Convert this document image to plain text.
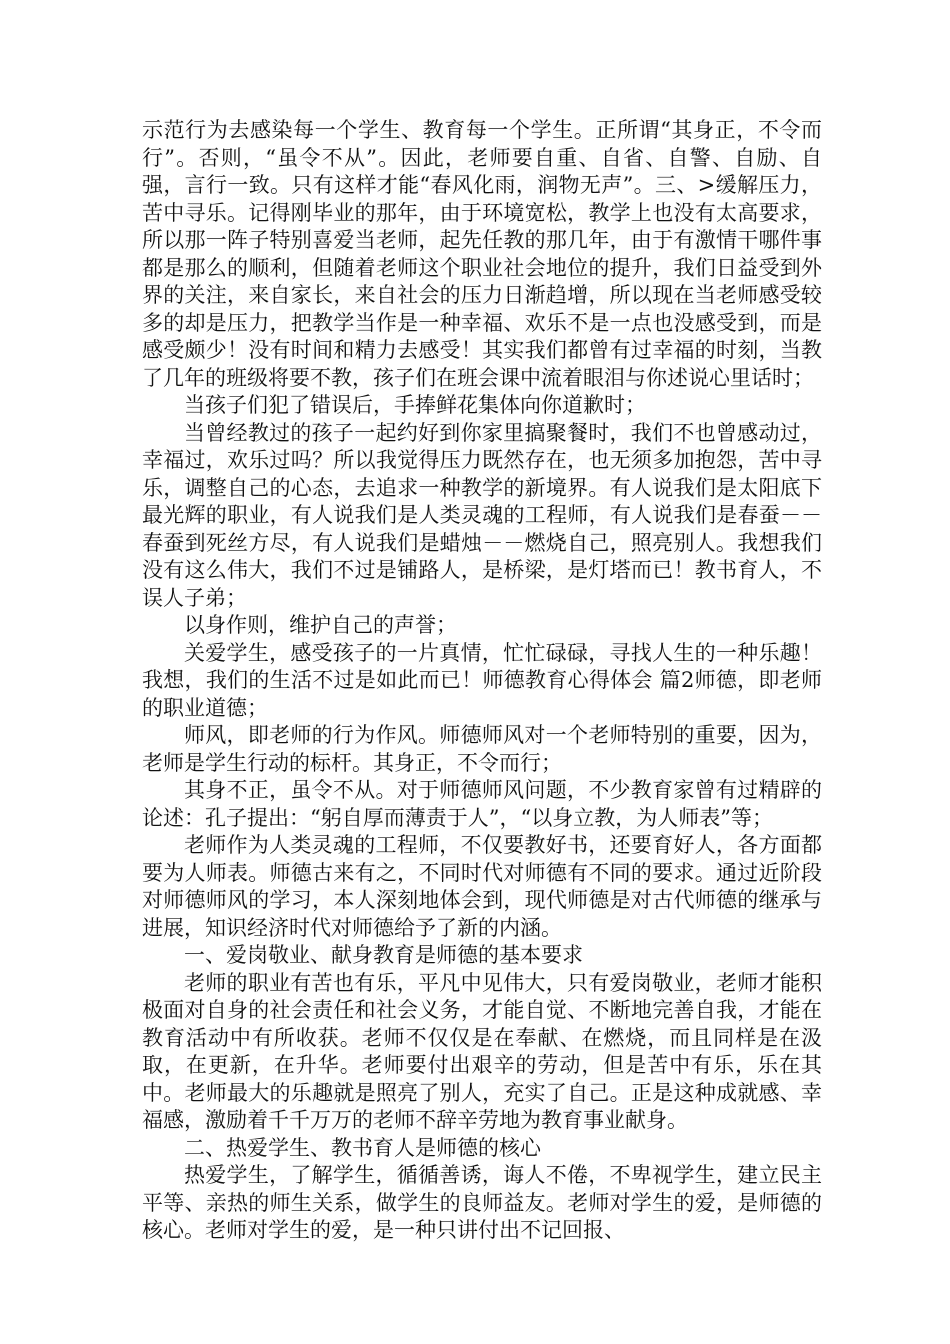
示范行为去感染每一个学生、教育每一个学生。正所谓“其身正，不令而行”。否则，“虽令不从”。因此，老师要自重、自省、自警、自励、自强，言行一致。只有这样才能“春风化雨，润物无声”。三、>缓解压力，苦中寻乐。记得刚毕业的那年，由于环境宽松，教学上也没有太高要求，所以那一阵子特别喜爱当老师，起先任教的那几年，由于有激情干哪件事都是那么的顺利，但随着老师这个职业社会地位的提升，我们日益受到外界的关注，来自家长，来自社会的压力日渐趋增，所以现在当老师感受较多的却是压力，把教学当作是一种幸福、欢乐不是一点也没感受到，而是感受颇少！没有时间和精力去感受！其实我们都曾有过幸福的时刻，当教了几年的班级将要不教，孩子们在班会课中流着眼泪与你述说心里话时；

当孩子们犯了错误后，手捧鲜花集体向你道歉时；

当曾经教过的孩子一起约好到你家里搞聚餐时，我们不也曾感动过，幸福过，欢乐过吗？所以我觉得压力既然存在，也无须多加抱怨，苦中寻乐，调整自己的心态，去追求一种教学的新境界。有人说我们是太阳底下最光辉的职业，有人说我们是人类灵魂的工程师，有人说我们是春蚕－－春蚕到死丝方尽，有人说我们是蜡烛－－燃烧自己，照亮别人。我想我们没有这么伟大，我们不过是铺路人，是桥梁，是灯塔而已！教书育人，不误人子弟；

以身作则，维护自己的声誉；

关爱学生，感受孩子的一片真情，忙忙碌碌，寻找人生的一种乐趣！我想，我们的生活不过是如此而已！师德教育心得体会 篇2师德，即老师的职业道德；

师风，即老师的行为作风。师德师风对一个老师特别的重要，因为，老师是学生行动的标杆。其身正，不令而行；

其身不正，虽令不从。对于师德师风问题，不少教育家曾有过精辟的论述：孔子提出：“躬自厚而薄责于人”，“以身立教，为人师表”等；

老师作为人类灵魂的工程师，不仅要教好书，还要育好人，各方面都要为人师表。师德古来有之，不同时代对师德有不同的要求。通过近阶段对师德师风的学习，本人深刻地体会到，现代师德是对古代师德的继承与进展，知识经济时代对师德给予了新的内涵。

一、爱岗敬业、献身教育是师德的基本要求

老师的职业有苦也有乐，平凡中见伟大，只有爱岗敬业，老师才能积极面对自身的社会责任和社会义务，才能自觉、不断地完善自我，才能在教育活动中有所收获。老师不仅仅是在奉献、在燃烧，而且同样是在汲取，在更新，在升华。老师要付出艰辛的劳动，但是苦中有乐，乐在其中。老师最大的乐趣就是照亮了别人，充实了自己。正是这种成就感、幸福感，激励着千千万万的老师不辞辛劳地为教育事业献身。

二、热爱学生、教书育人是师德的核心

热爱学生，了解学生，循循善诱，诲人不倦，不卑视学生，建立民主平等、亲热的师生关系，做学生的良师益友。老师对学生的爱，是师德的核心。老师对学生的爱，是一种只讲付出不记回报、
